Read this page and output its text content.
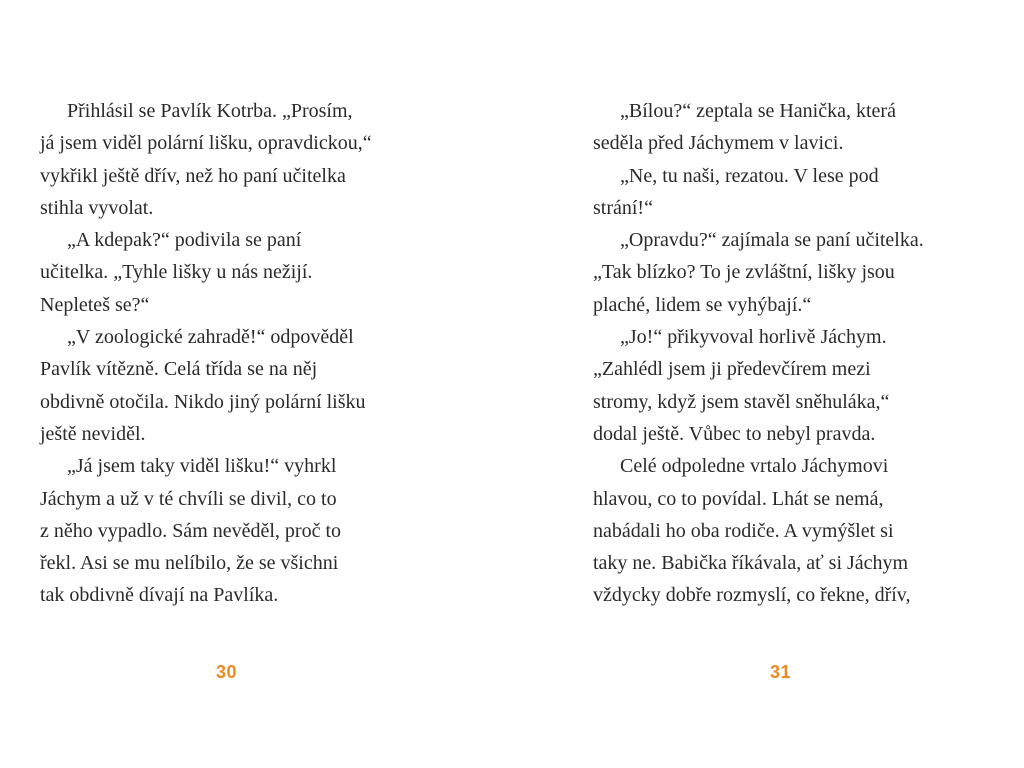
Přihlásil se Pavlík Kotrba. „Prosím,
já jsem viděl polární lišku, opravdickou,“
vykřikl ještě dřív, než ho paní učitelka
stihla vyvolat.
„A kdepak?“ podivila se paní
učitelka. „Tyhle lišky u nás nežijí.
Nepleteš se?“
„V zoologické zahradě!“ odpověděl
Pavlík vítězně. Celá třída se na něj
obdivně otočila. Nikdo jiný polární lišku
ještě neviděl.
„Já jsem taky viděl lišku!“ vyhrkl
Jáchym a už v té chvíli se divil, co to
z něho vypadlo. Sám nevěděl, proč to
řekl. Asi se mu nelíbilo, že se všichni
tak obdivně dívají na Pavlíka.
30
„Bílou?“ zeptala se Hanička, která
seděla před Jáchymem v lavici.
„Ne, tu naši, rezatou. V lese pod
strání!“
„Opravdu?“ zajímala se paní učitelka.
„Tak blízko? To je zvláštní, lišky jsou
plaché, lidem se vyhýbají.“
„Jo!“ přikyvoval horlivě Jáchym.
„Zahlédl jsem ji předevčírem mezi
stromy, když jsem stavěl sněhuláka,“
dodal ještě. Vůbec to nebyl pravda.
Celé odpoledne vrtalo Jáchymovi
hlavou, co to povídal. Lhát se nemá,
nabádali ho oba rodiče. A vymýšlet si
taky ne. Babička říkávala, ať si Jáchym
vždycky dobře rozmyslí, co řekne, dřív,
31
